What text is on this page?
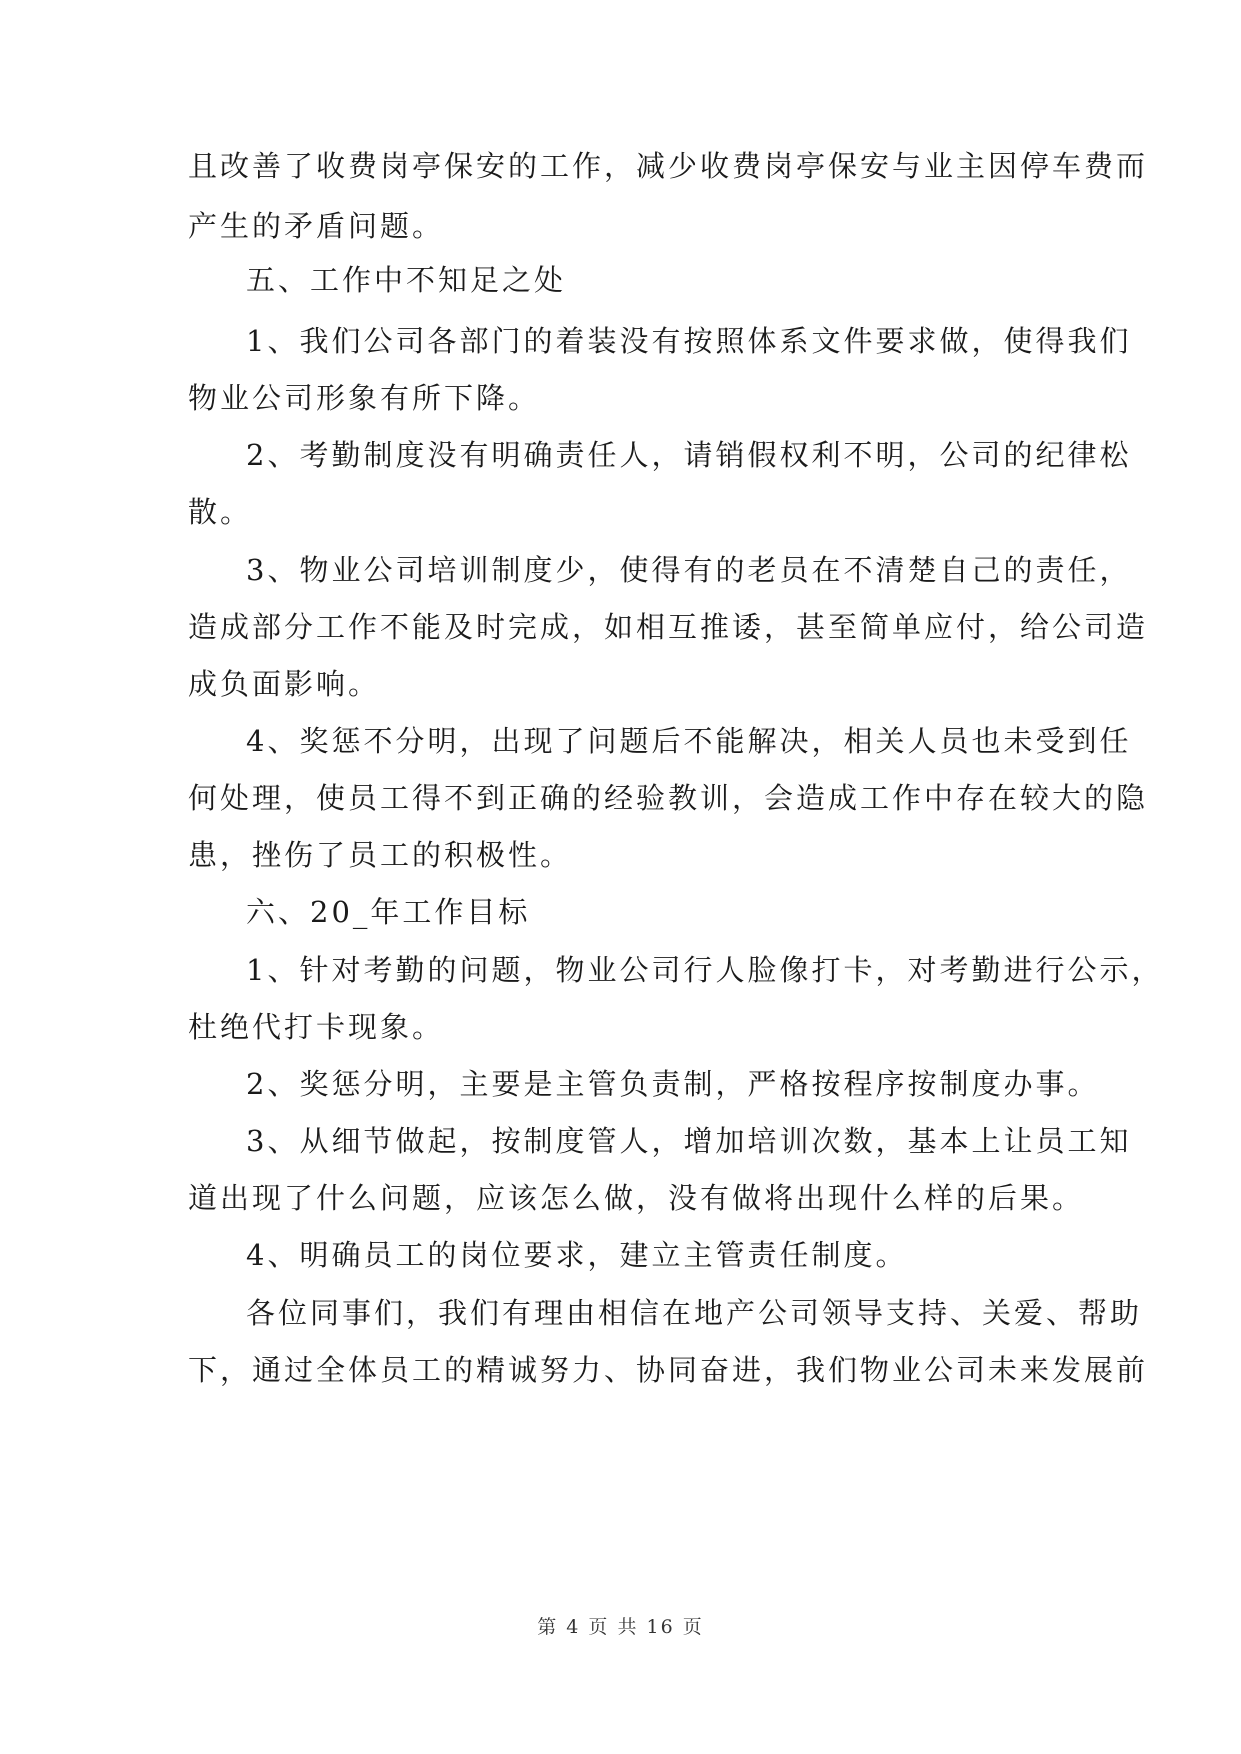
且改善了收费岗亭保安的工作，减少收费岗亭保安与业主因停车费而
产生的矛盾问题。
五、工作中不知足之处
1、我们公司各部门的着装没有按照体系文件要求做，使得我们
物业公司形象有所下降。
2、考勤制度没有明确责任人，请销假权利不明，公司的纪律松
散。
3、物业公司培训制度少，使得有的老员在不清楚自己的责任，
造成部分工作不能及时完成，如相互推诿，甚至简单应付，给公司造
成负面影响。
4、奖惩不分明，出现了问题后不能解决，相关人员也未受到任
何处理，使员工得不到正确的经验教训，会造成工作中存在较大的隐
患，挫伤了员工的积极性。
六、20_年工作目标
1、针对考勤的问题，物业公司行人脸像打卡，对考勤进行公示，
杜绝代打卡现象。
2、奖惩分明，主要是主管负责制，严格按程序按制度办事。
3、从细节做起，按制度管人，增加培训次数，基本上让员工知
道出现了什么问题，应该怎么做，没有做将出现什么样的后果。
4、明确员工的岗位要求，建立主管责任制度。
各位同事们，我们有理由相信在地产公司领导支持、关爱、帮助
下，通过全体员工的精诚努力、协同奋进，我们物业公司未来发展前
第 4 页 共 16 页
